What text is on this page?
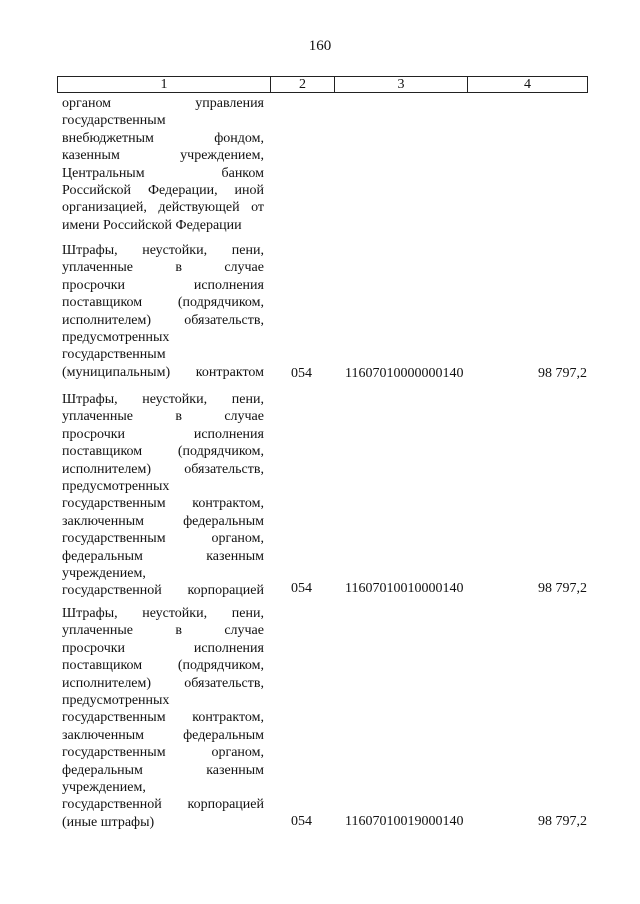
160
1	2	3	4
органом управления
государственным
внебюджетным фондом,
казенным учреждением,
Центральным банком
Российской Федерации, иной
организацией, действующей от
имени Российской Федерации
Штрафы, неустойки, пени,
уплаченные в случае
просрочки исполнения
поставщиком (подрядчиком,
исполнителем) обязательств,
предусмотренных
государственным
(муниципальным) контрактом 054 11607010000000140	98 797,2
Штрафы, неустойки, пени,
уплаченные в случае
просрочки исполнения
поставщиком (подрядчиком,
исполнителем) обязательств,
предусмотренных
государственным контрактом,
заключенным федеральным
государственным органом,
федеральным казенным
учреждением,
государственной корпорацией 054 11607010010000140	98 797,2
Штрафы, неустойки, пени,
уплаченные в случае
просрочки исполнения
поставщиком (подрядчиком,
исполнителем) обязательств,
предусмотренных
государственным контрактом,
заключенным федеральным
государственным органом,
федеральным казенным
учреждением,
государственной корпорацией
(иные штрафы)	054 11607010019000140	98 797,2
